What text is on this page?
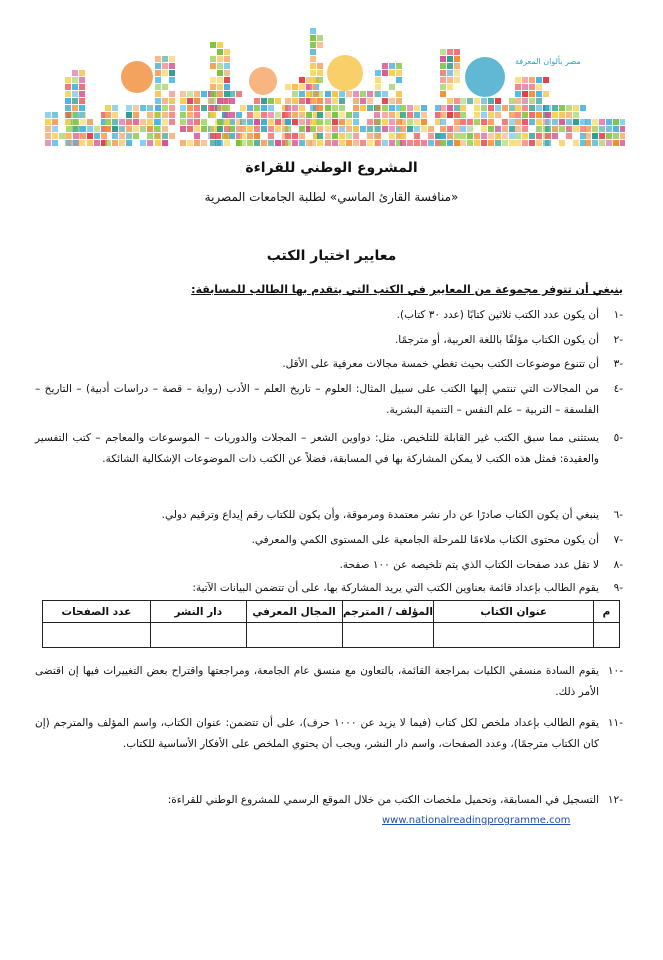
مصر بألوان المعرفة
المشروع الوطني للقراءة
«منافسة القارئ الماسي» لطلبة الجامعات المصرية
معايير اختيار الكتب
ينبغي أن تتوفر مجموعة من المعايير في الكتب التي يتقدم بها الطالب للمسابقة:
-١
أن يكون عدد الكتب ثلاثين كتابًا (عدد ٣٠ كتاب).
-٢
أن يكون الكتاب مؤلفًا باللغة العربية، أو مترجمًا.
-٣
أن تتنوع موضوعات الكتب بحيث تغطي خمسة مجالات معرفية على الأقل.
-٤
من المجالات التي تنتمي إليها الكتب على سبيل المثال: العلوم – تاريخ العلم – الأدب (رواية – قصة – دراسات أدبية) – التاريخ – الفلسفة – التربية – علم النفس – التنمية البشرية.
-٥
يستثنى مما سبق الكتب غير القابلة للتلخيص. مثل: دواوين الشعر – المجلات والدوريات – الموسوعات والمعاجم – كتب التفسير والعقيدة: فمثل هذه الكتب لا يمكن المشاركة بها في المسابقة، فضلاً عن الكتب ذات الموضوعات الإشكالية الشائكة.
-٦
ينبغي أن يكون الكتاب صادرًا عن دار نشر معتمدة ومرموقة، وأن يكون للكتاب رقم إيداع وترقيم دولي.
-٧
أن يكون محتوى الكتاب ملاءمًا للمرحلة الجامعية على المستوى الكمي والمعرفي.
-٨
لا تقل عدد صفحات الكتاب الذي يتم تلخيصه عن ١٠٠ صفحة.
-٩
يقوم الطالب بإعداد قائمة بعناوين الكتب التي يريد المشاركة بها، على أن تتضمن البيانات الآتية:
م	عنوان الكتاب	المؤلف / المترجم	المجال المعرفي	دار النشر	عدد الصفحات

-١٠
يقوم السادة منسقي الكليات بمراجعة القائمة، بالتعاون مع منسق عام الجامعة، ومراجعتها واقتراح بعض التغييرات فيها إن اقتضى الأمر ذلك.
-١١
يقوم الطالب بإعداد ملخص لكل كتاب (فيما لا يزيد عن ١٠٠٠ حرف)، على أن تتضمن: عنوان الكتاب، واسم المؤلف والمترجم (إن كان الكتاب مترجمًا)، وعدد الصفحات، واسم دار النشر، ويجب أن يحتوي الملخص على الأفكار الأساسية للكتاب.
-١٢
التسجيل في المسابقة، وتحميل ملخصات الكتب من خلال الموقع الرسمي للمشروع الوطني للقراءة:
www.nationalreadingprogramme.com
